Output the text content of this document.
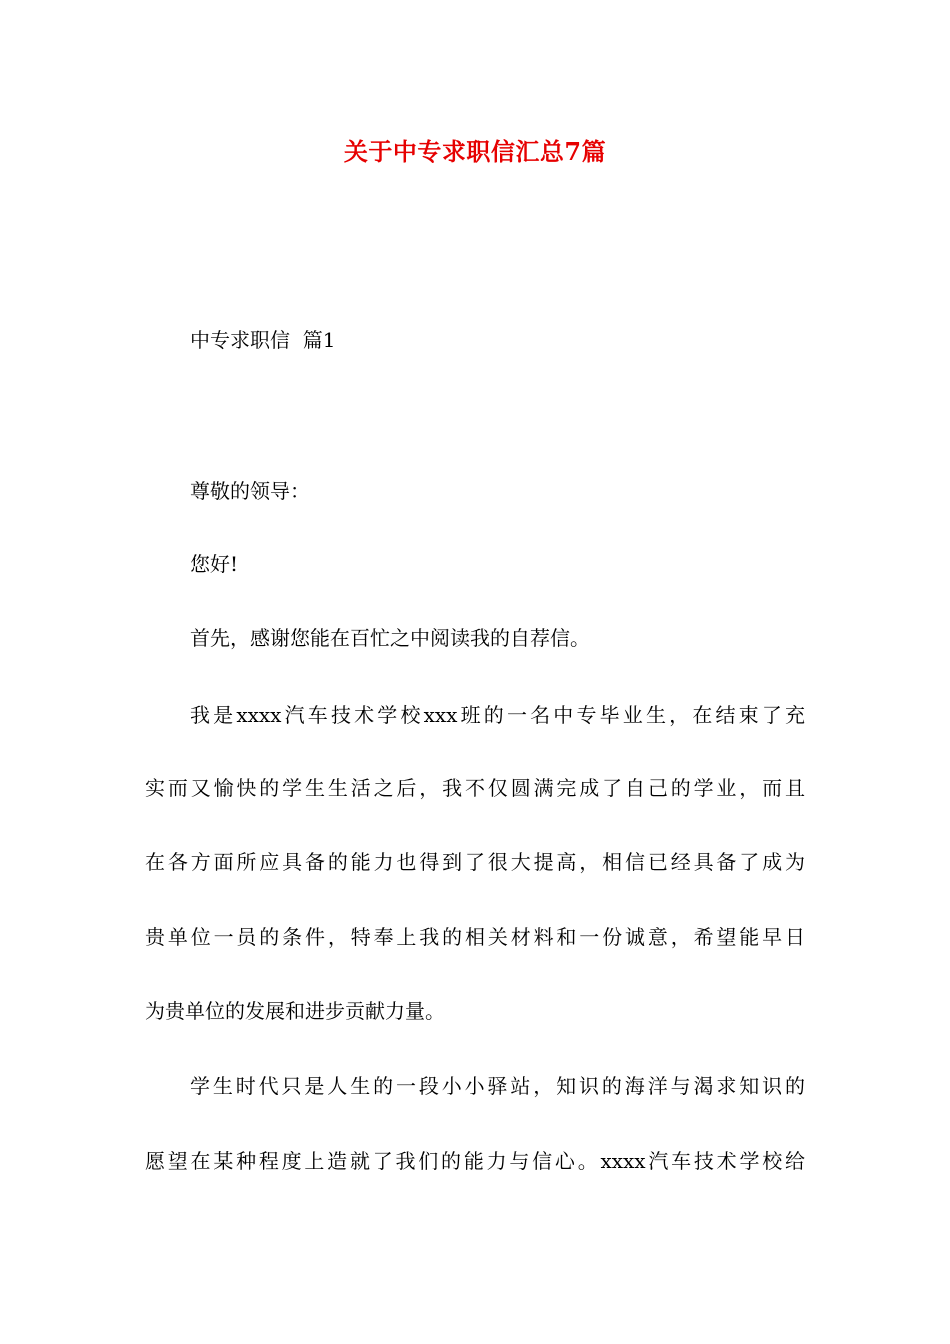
关于中专求职信汇总7篇
中专求职信  篇1
尊敬的领导：
您好!
首先，感谢您能在百忙之中阅读我的自荐信。
我是xxxx汽车技术学校xxx班的一名中专毕业生，在结束了充
实而又愉快的学生生活之后，我不仅圆满完成了自己的学业，而且
在各方面所应具备的能力也得到了很大提高，相信已经具备了成为
贵单位一员的条件，特奉上我的相关材料和一份诚意，希望能早日
为贵单位的发展和进步贡献力量。
学生时代只是人生的一段小小驿站，知识的海洋与渴求知识的
愿望在某种程度上造就了我们的能力与信心。xxxx汽车技术学校给
